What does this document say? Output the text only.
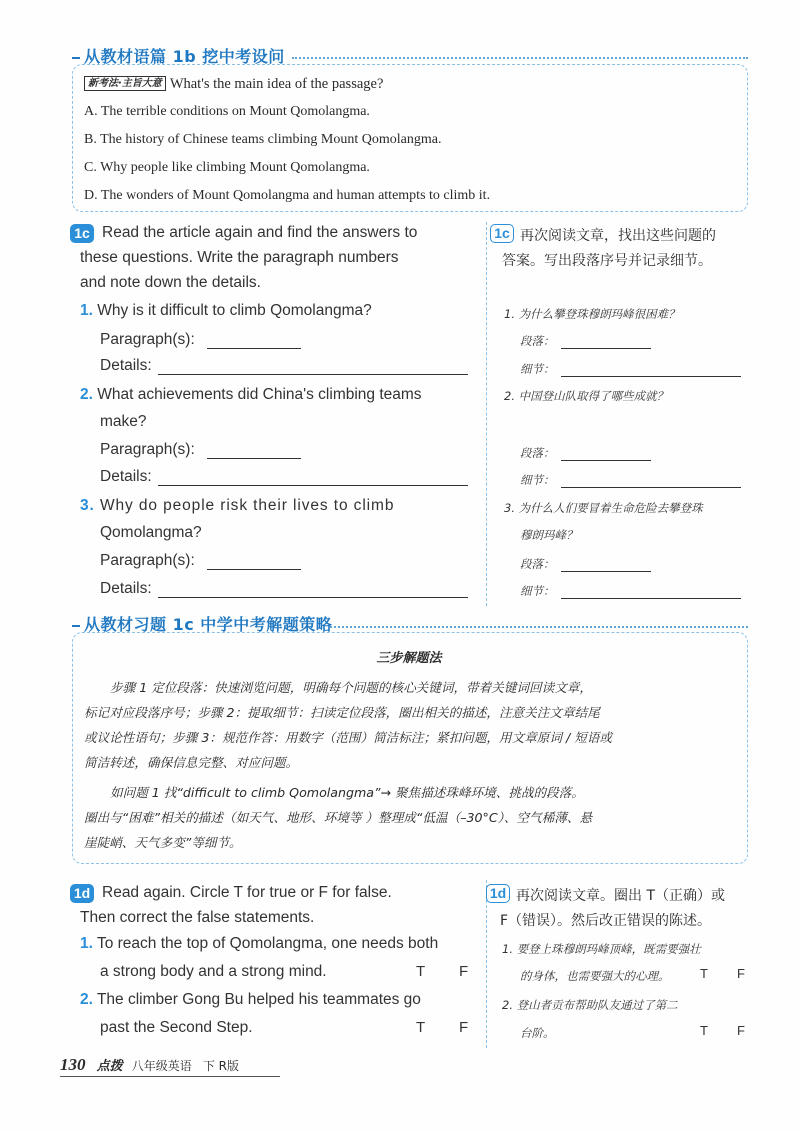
从教材语篇 1b 挖中考设问
新考法·主旨大意 What's the main idea of the passage?
A. The terrible conditions on Mount Qomolangma.
B. The history of Chinese teams climbing Mount Qomolangma.
C. Why people like climbing Mount Qomolangma.
D. The wonders of Mount Qomolangma and human attempts to climb it.
1c Read the article again and find the answers to
these questions. Write the paragraph numbers
and note down the details.
1. Why is it difficult to climb Qomolangma?
Paragraph(s):
Details:
2. What achievements did China's climbing teams
make?
Paragraph(s):
Details:
3. Why do people risk their lives to climb
Qomolangma?
Paragraph(s):
Details:
1c 再次阅读文章，找出这些问题的
答案。写出段落序号并记录细节。
1. 为什么攀登珠穆朗玛峰很困难？
段落：
细节：
2. 中国登山队取得了哪些成就？
段落：
细节：
3. 为什么人们要冒着生命危险去攀登珠
穆朗玛峰？
段落：
细节：
从教材习题 1c 中学中考解题策略
三步解题法
步骤 1 定位段落：快速浏览问题，明确每个问题的核心关键词，带着关键词回读文章，
标记对应段落序号；步骤 2：提取细节：扫读定位段落，圈出相关的描述，注意关注文章结尾
或议论性语句；步骤 3：规范作答：用数字（范围）简洁标注；紧扣问题，用文章原词 / 短语或
简洁转述，确保信息完整、对应问题。
如问题 1 找“difficult to climb Qomolangma”→ 聚焦描述珠峰环境、挑战的段落。
圈出与“困难”相关的描述（如天气、地形、环境等 ）整理成“低温（–30°C）、空气稀薄、悬
崖陡峭、天气多变”等细节。
1d Read again. Circle T for true or F for false.
Then correct the false statements.
1. To reach the top of Qomolangma, one needs both
a strong body and a strong mind.	T F
2. The climber Gong Bu helped his teammates go
past the Second Step.	T F
1d 再次阅读文章。圈出 T（正确）或
F（错误）。然后改正错误的陈述。
1. 要登上珠穆朗玛峰顶峰，既需要强壮
的身体，也需要强大的心理。 T F
2. 登山者贡布帮助队友通过了第二
台阶。	T F
130 点拨 八年级英语 下 R版
